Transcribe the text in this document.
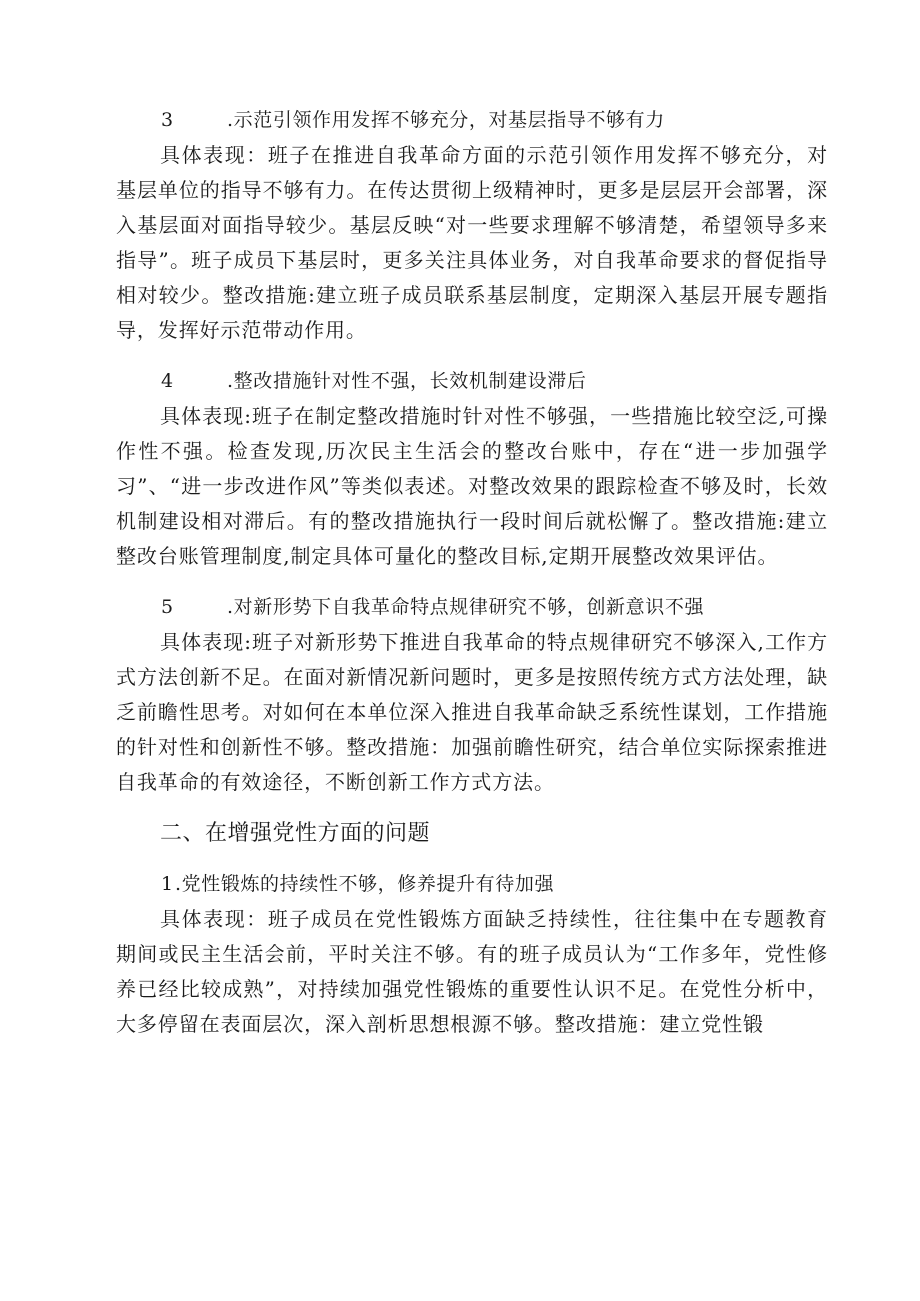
3	.示范引领作用发挥不够充分，对基层指导不够有力

具体表现：班子在推进自我革命方面的示范引领作用发挥不够充分，对基层单位的指导不够有力。在传达贯彻上级精神时，更多是层层开会部署，深入基层面对面指导较少。基层反映“对一些要求理解不够清楚，希望领导多来指导”。班子成员下基层时，更多关注具体业务，对自我革命要求的督促指导相对较少。整改措施:建立班子成员联系基层制度，定期深入基层开展专题指导，发挥好示范带动作用。

4	.整改措施针对性不强，长效机制建设滞后

具体表现:班子在制定整改措施时针对性不够强，一些措施比较空泛,可操作性不强。检查发现,历次民主生活会的整改台账中，存在“进一步加强学习”、“进一步改进作风”等类似表述。对整改效果的跟踪检查不够及时，长效机制建设相对滞后。有的整改措施执行一段时间后就松懈了。整改措施:建立整改台账管理制度,制定具体可量化的整改目标,定期开展整改效果评估。

5	.对新形势下自我革命特点规律研究不够，创新意识不强

具体表现:班子对新形势下推进自我革命的特点规律研究不够深入,工作方式方法创新不足。在面对新情况新问题时，更多是按照传统方式方法处理，缺乏前瞻性思考。对如何在本单位深入推进自我革命缺乏系统性谋划，工作措施的针对性和创新性不够。整改措施：加强前瞻性研究，结合单位实际探索推进自我革命的有效途径，不断创新工作方式方法。

二、在增强党性方面的问题
1 .党性锻炼的持续性不够，修养提升有待加强

具体表现：班子成员在党性锻炼方面缺乏持续性，往往集中在专题教育期间或民主生活会前，平时关注不够。有的班子成员认为“工作多年，党性修养已经比较成熟”，对持续加强党性锻炼的重要性认识不足。在党性分析中，大多停留在表面层次，深入剖析思想根源不够。整改措施：建立党性锻
